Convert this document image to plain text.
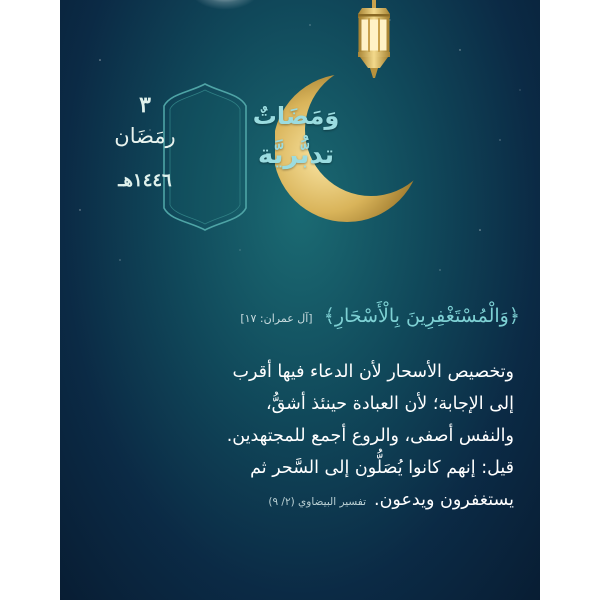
٣
رمَضَان
١٤٤٦هـ
وَمَضَاتٌ
تدبُّريَّة
﴿وَالْمُسْتَغْفِرِينَ بِالْأَسْحَارِ﴾ [آل عمران: ١٧]
وتخصيص الأسحار لأن الدعاء فيها أقرب
إلى الإجابة؛ لأن العبادة حينئذ أشقُّ،
والنفس أصفى، والروع أجمع للمجتهدين.
قيل: إنهم كانوا يُصَلُّون إلى السَّحر ثم
يستغفرون ويدعون.تفسير البيضاوي (٢/ ٩)
